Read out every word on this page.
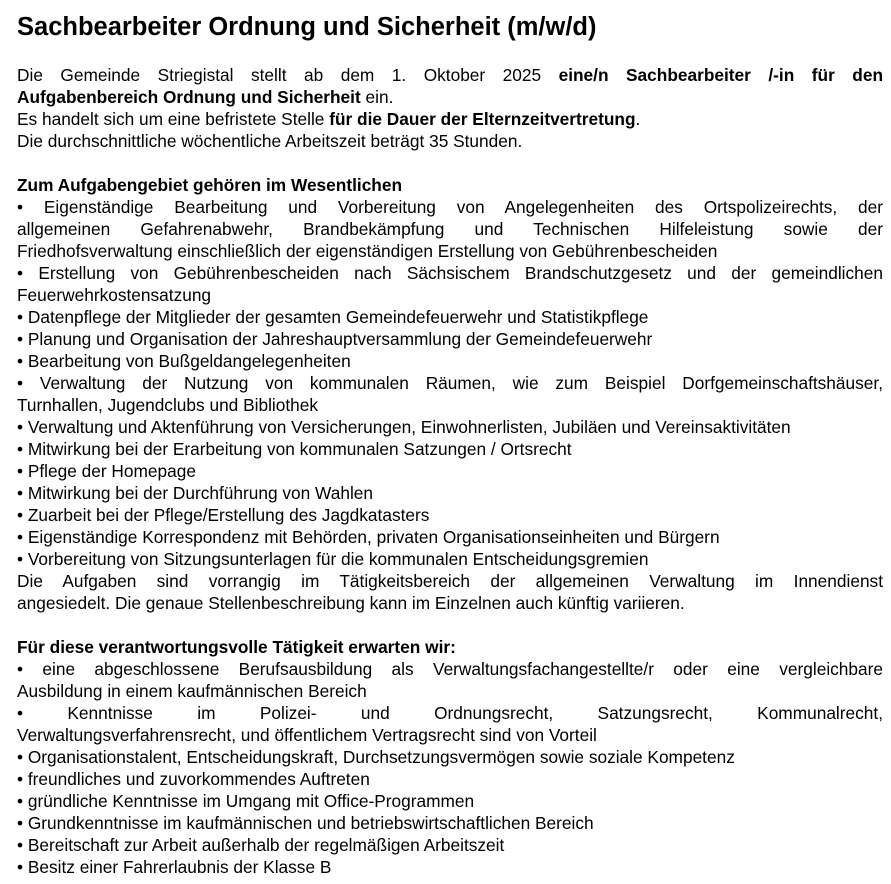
Sachbearbeiter Ordnung und Sicherheit (m/w/d)
Die Gemeinde Striegistal stellt ab dem 1. Oktober 2025 eine/n Sachbearbeiter /-in für den
Aufgabenbereich Ordnung und Sicherheit ein.
Es handelt sich um eine befristete Stelle für die Dauer der Elternzeitvertretung.
Die durchschnittliche wöchentliche Arbeitszeit beträgt 35 Stunden.
Zum Aufgabengebiet gehören im Wesentlichen
• Eigenständige Bearbeitung und Vorbereitung von Angelegenheiten des Ortspolizeirechts, der
allgemeinen Gefahrenabwehr, Brandbekämpfung und Technischen Hilfeleistung sowie der
Friedhofsverwaltung einschließlich der eigenständigen Erstellung von Gebührenbescheiden
• Erstellung von Gebührenbescheiden nach Sächsischem Brandschutzgesetz und der gemeindlichen
Feuerwehrkostensatzung
• Datenpflege der Mitglieder der gesamten Gemeindefeuerwehr und Statistikpflege
• Planung und Organisation der Jahreshauptversammlung der Gemeindefeuerwehr
• Bearbeitung von Bußgeldangelegenheiten
• Verwaltung der Nutzung von kommunalen Räumen, wie zum Beispiel Dorfgemeinschaftshäuser,
Turnhallen, Jugendclubs und Bibliothek
• Verwaltung und Aktenführung von Versicherungen, Einwohnerlisten, Jubiläen und Vereinsaktivitäten
• Mitwirkung bei der Erarbeitung von kommunalen Satzungen / Ortsrecht
• Pflege der Homepage
• Mitwirkung bei der Durchführung von Wahlen
• Zuarbeit bei der Pflege/Erstellung des Jagdkatasters
• Eigenständige Korrespondenz mit Behörden, privaten Organisationseinheiten und Bürgern
• Vorbereitung von Sitzungsunterlagen für die kommunalen Entscheidungsgremien
Die Aufgaben sind vorrangig im Tätigkeitsbereich der allgemeinen Verwaltung im Innendienst
angesiedelt. Die genaue Stellenbeschreibung kann im Einzelnen auch künftig variieren.
Für diese verantwortungsvolle Tätigkeit erwarten wir:
• eine abgeschlossene Berufsausbildung als Verwaltungsfachangestellte/r oder eine vergleichbare
Ausbildung in einem kaufmännischen Bereich
• Kenntnisse im Polizei- und Ordnungsrecht, Satzungsrecht, Kommunalrecht,
Verwaltungsverfahrensrecht, und öffentlichem Vertragsrecht sind von Vorteil
• Organisationstalent, Entscheidungskraft, Durchsetzungsvermögen sowie soziale Kompetenz
• freundliches und zuvorkommendes Auftreten
• gründliche Kenntnisse im Umgang mit Office-Programmen
• Grundkenntnisse im kaufmännischen und betriebswirtschaftlichen Bereich
• Bereitschaft zur Arbeit außerhalb der regelmäßigen Arbeitszeit
• Besitz einer Fahrerlaubnis der Klasse B
